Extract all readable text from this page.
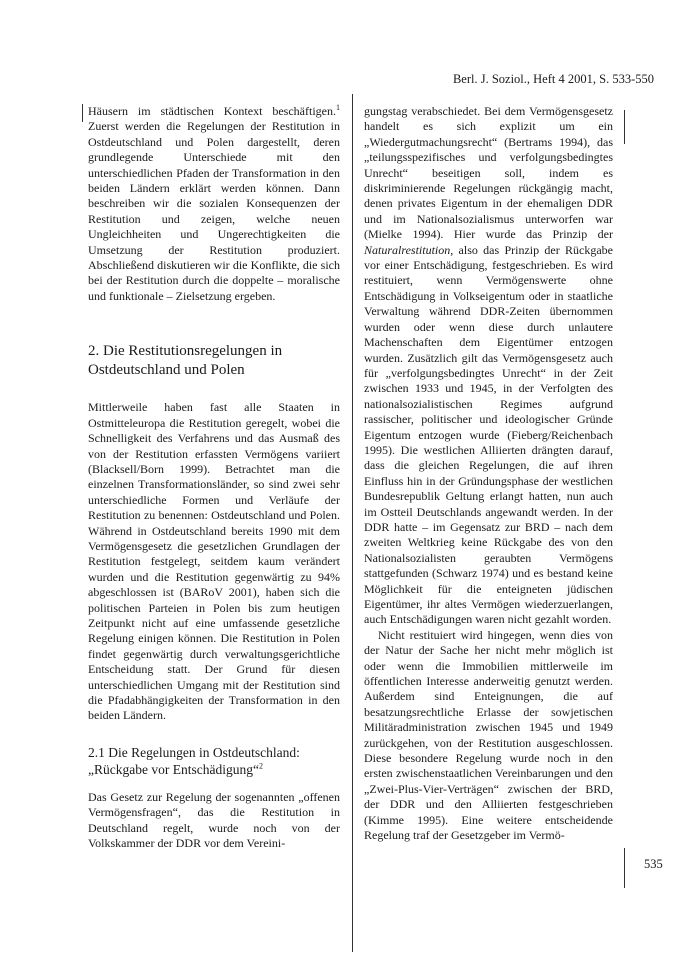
Berl. J. Soziol., Heft 4 2001, S. 533-550

Häusern im städtischen Kontext beschäftigen.$^1$ Zuerst werden die Regelungen der Restitution in Ostdeutschland und Polen dargestellt, deren grundlegende Unterschiede mit den unterschiedlichen Pfaden der Transformation in den beiden Ländern erklärt werden können. Dann beschreiben wir die sozialen Konsequenzen der Restitution und zeigen, welche neuen Ungleichheiten und Ungerechtigkeiten die Umsetzung der Restitution produziert. Abschließend diskutieren wir die Konflikte, die sich bei der Restitution durch die doppelte – moralische und funktionale – Zielsetzung ergeben.

2. Die Restitutionsregelungen in Ostdeutschland und Polen

Mittlerweile haben fast alle Staaten in Ostmitteleuropa die Restitution geregelt, wobei die Schnelligkeit des Verfahrens und das Ausmaß des von der Restitution erfassten Vermögens variiert (Blacksell/Born 1999). Betrachtet man die einzelnen Transformationsländer, so sind zwei sehr unterschiedliche Formen und Verläufe der Restitution zu benennen: Ostdeutschland und Polen. Während in Ostdeutschland bereits 1990 mit dem Vermögensgesetz die gesetzlichen Grundlagen der Restitution festgelegt, seitdem kaum verändert wurden und die Restitution gegenwärtig zu 94% abgeschlossen ist (BARoV 2001), haben sich die politischen Parteien in Polen bis zum heutigen Zeitpunkt nicht auf eine umfassende gesetzliche Regelung einigen können. Die Restitution in Polen findet gegenwärtig durch verwaltungsgerichtliche Entscheidung statt. Der Grund für diesen unterschiedlichen Umgang mit der Restitution sind die Pfadabhängigkeiten der Transformation in den beiden Ländern.

2.1 Die Regelungen in Ostdeutschland: „Rückgabe vor Entschädigung“$^2$

Das Gesetz zur Regelung der sogenannten „offenen Vermögensfragen“, das die Restitution in Deutschland regelt, wurde noch von der Volkskammer der DDR vor dem Vereini-

gungstag verabschiedet. Bei dem Vermögensgesetz handelt es sich explizit um ein „Wiedergutmachungsrecht“ (Bertrams 1994), das „teilungsspezifisches und verfolgungsbedingtes Unrecht“ beseitigen soll, indem es diskriminierende Regelungen rückgängig macht, denen privates Eigentum in der ehemaligen DDR und im Nationalsozialismus unterworfen war (Mielke 1994). Hier wurde das Prinzip der Naturalrestitution, also das Prinzip der Rückgabe vor einer Entschädigung, festgeschrieben. Es wird restituiert, wenn Vermögenswerte ohne Entschädigung in Volkseigentum oder in staatliche Verwaltung während DDR-Zeiten übernommen wurden oder wenn diese durch unlautere Machenschaften dem Eigentümer entzogen wurden. Zusätzlich gilt das Vermögensgesetz auch für „verfolgungsbedingtes Unrecht“ in der Zeit zwischen 1933 und 1945, in der Verfolgten des nationalsozialistischen Regimes aufgrund rassischer, politischer und ideologischer Gründe Eigentum entzogen wurde (Fieberg/Reichenbach 1995). Die westlichen Alliierten drängten darauf, dass die gleichen Regelungen, die auf ihren Einfluss hin in der Gründungsphase der westlichen Bundesrepublik Geltung erlangt hatten, nun auch im Ostteil Deutschlands angewandt werden. In der DDR hatte – im Gegensatz zur BRD – nach dem zweiten Weltkrieg keine Rückgabe des von den Nationalsozialisten geraubten Vermögens stattgefunden (Schwarz 1974) und es bestand keine Möglichkeit für die enteigneten jüdischen Eigentümer, ihr altes Vermögen wiederzuerlangen, auch Entschädigungen waren nicht gezahlt worden.

Nicht restituiert wird hingegen, wenn dies von der Natur der Sache her nicht mehr möglich ist oder wenn die Immobilien mittlerweile im öffentlichen Interesse anderweitig genutzt werden. Außerdem sind Enteignungen, die auf besatzungsrechtliche Erlasse der sowjetischen Militäradministration zwischen 1945 und 1949 zurückgehen, von der Restitution ausgeschlossen. Diese besondere Regelung wurde noch in den ersten zwischenstaatlichen Vereinbarungen und den „Zwei-Plus-Vier-Verträgen“ zwischen der BRD, der DDR und den Alliierten festgeschrieben (Kimme 1995). Eine weitere entscheidende Regelung traf der Gesetzgeber im Vermö-

535
